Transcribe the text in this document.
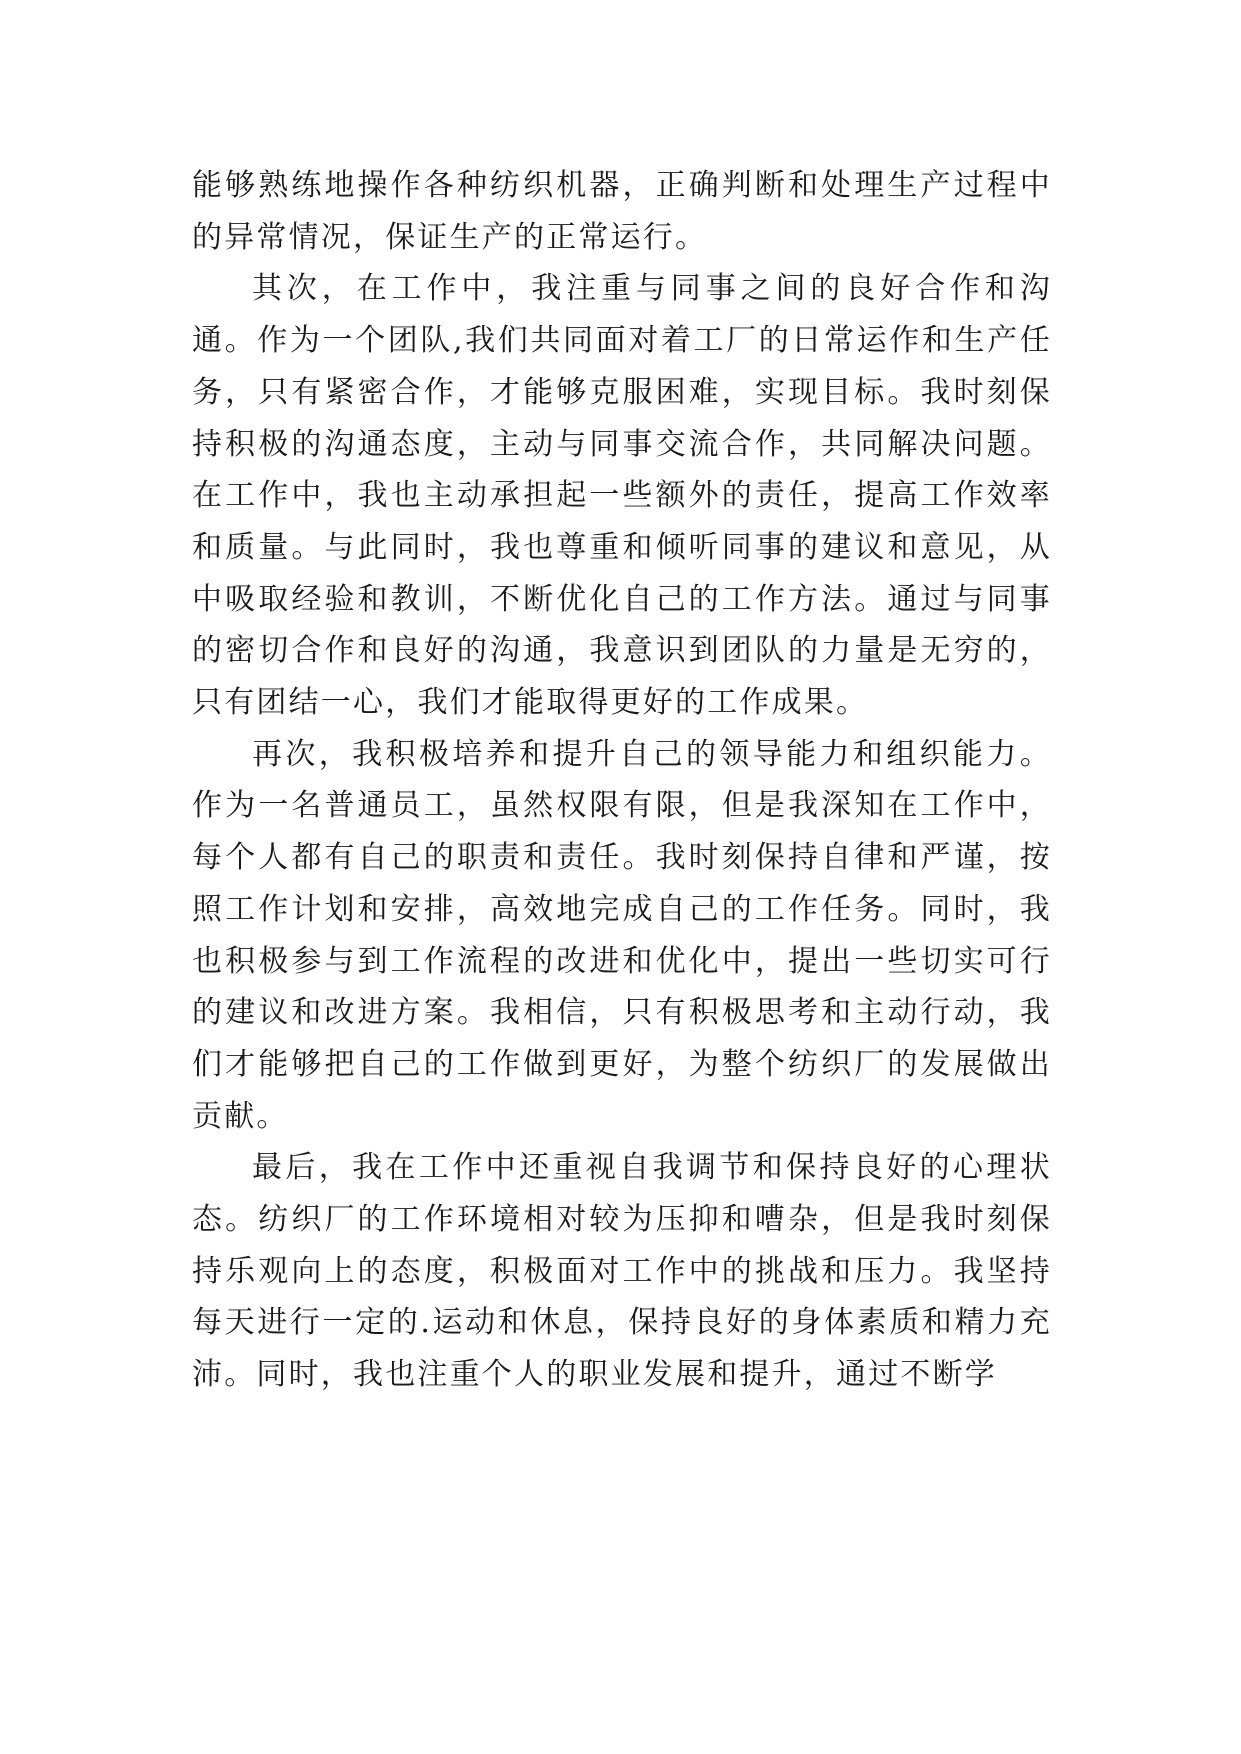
能够熟练地操作各种纺织机器，正确判断和处理生产过程中的异常情况，保证生产的正常运行。

其次，在工作中，我注重与同事之间的良好合作和沟通。作为一个团队,我们共同面对着工厂的日常运作和生产任务，只有紧密合作，才能够克服困难，实现目标。我时刻保持积极的沟通态度，主动与同事交流合作，共同解决问题。在工作中，我也主动承担起一些额外的责任，提高工作效率和质量。与此同时，我也尊重和倾听同事的建议和意见，从中吸取经验和教训，不断优化自己的工作方法。通过与同事的密切合作和良好的沟通，我意识到团队的力量是无穷的，只有团结一心，我们才能取得更好的工作成果。

再次，我积极培养和提升自己的领导能力和组织能力。作为一名普通员工，虽然权限有限，但是我深知在工作中，每个人都有自己的职责和责任。我时刻保持自律和严谨，按照工作计划和安排，高效地完成自己的工作任务。同时，我也积极参与到工作流程的改进和优化中，提出一些切实可行的建议和改进方案。我相信，只有积极思考和主动行动，我们才能够把自己的工作做到更好，为整个纺织厂的发展做出贡献。

最后，我在工作中还重视自我调节和保持良好的心理状态。纺织厂的工作环境相对较为压抑和嘈杂，但是我时刻保持乐观向上的态度，积极面对工作中的挑战和压力。我坚持每天进行一定的.运动和休息，保持良好的身体素质和精力充沛。同时，我也注重个人的职业发展和提升，通过不断学
